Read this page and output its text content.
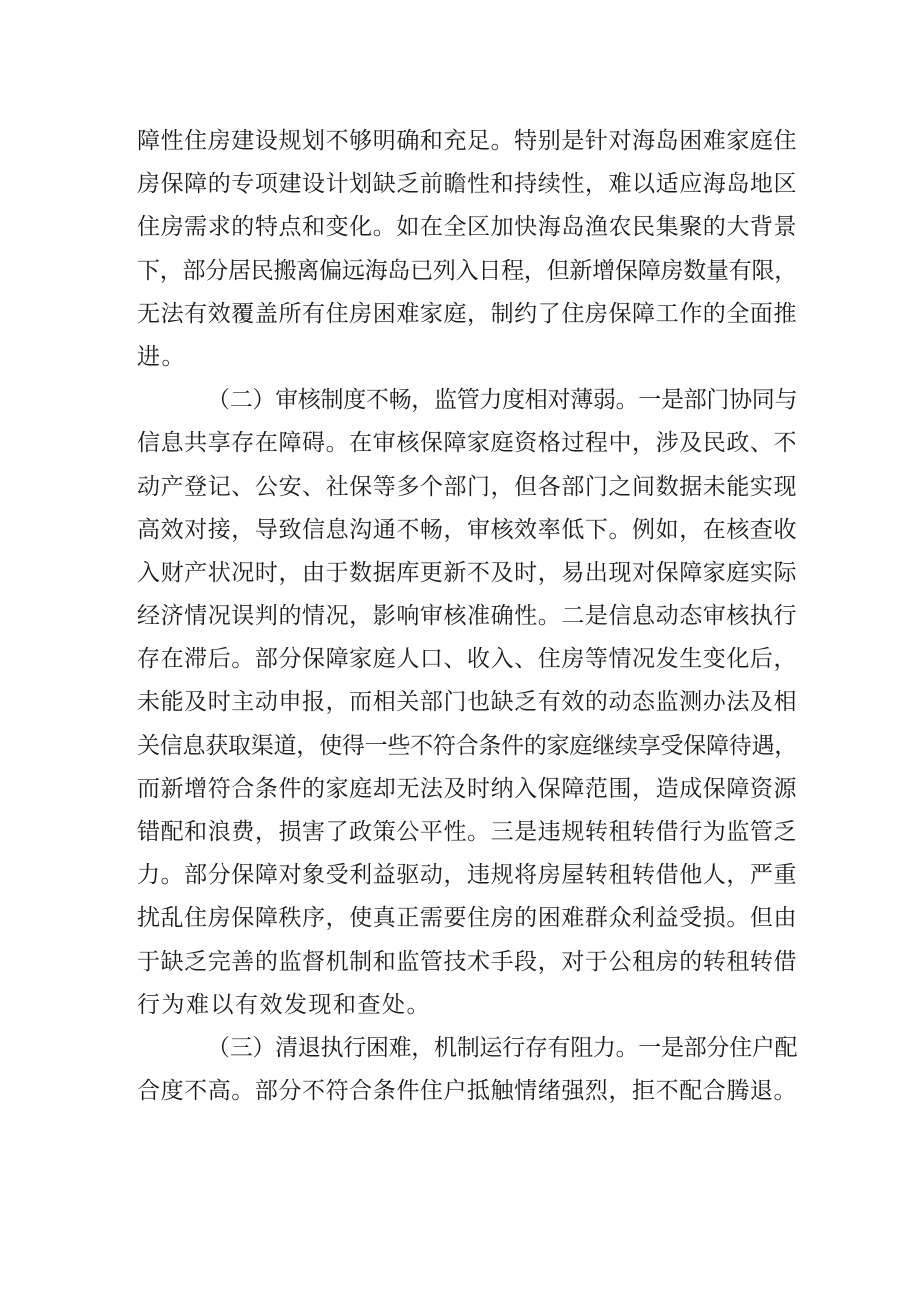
障性住房建设规划不够明确和充足。特别是针对海岛困难家庭住
房保障的专项建设计划缺乏前瞻性和持续性，难以适应海岛地区
住房需求的特点和变化。如在全区加快海岛渔农民集聚的大背景
下，部分居民搬离偏远海岛已列入日程，但新增保障房数量有限，
无法有效覆盖所有住房困难家庭，制约了住房保障工作的全面推
进。
（二）审核制度不畅，监管力度相对薄弱。一是部门协同与
信息共享存在障碍。在审核保障家庭资格过程中，涉及民政、不
动产登记、公安、社保等多个部门，但各部门之间数据未能实现
高效对接，导致信息沟通不畅，审核效率低下。例如，在核查收
入财产状况时，由于数据库更新不及时，易出现对保障家庭实际
经济情况误判的情况，影响审核准确性。二是信息动态审核执行
存在滞后。部分保障家庭人口、收入、住房等情况发生变化后，
未能及时主动申报，而相关部门也缺乏有效的动态监测办法及相
关信息获取渠道，使得一些不符合条件的家庭继续享受保障待遇，
而新增符合条件的家庭却无法及时纳入保障范围，造成保障资源
错配和浪费，损害了政策公平性。三是违规转租转借行为监管乏
力。部分保障对象受利益驱动，违规将房屋转租转借他人，严重
扰乱住房保障秩序，使真正需要住房的困难群众利益受损。但由
于缺乏完善的监督机制和监管技术手段，对于公租房的转租转借
行为难以有效发现和查处。
（三）清退执行困难，机制运行存有阻力。一是部分住户配
合度不高。部分不符合条件住户抵触情绪强烈，拒不配合腾退。
